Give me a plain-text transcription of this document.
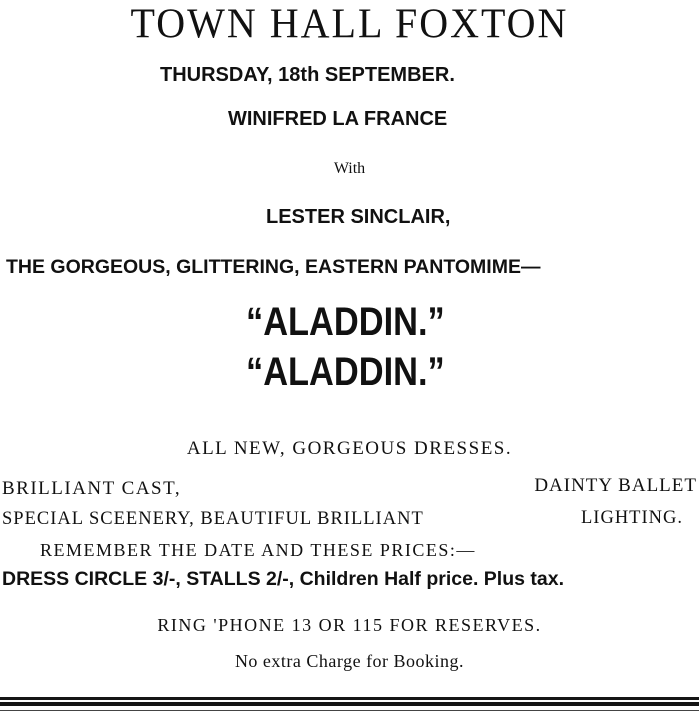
TOWN HALL FOXTON
THURSDAY, 18th SEPTEMBER.
WINIFRED LA FRANCE
With
LESTER SINCLAIR,
THE GORGEOUS, GLITTERING, EASTERN PANTOMIME—
“ALADDIN.”
“ALADDIN.”
ALL NEW, GORGEOUS DRESSES.
BRILLIANT CAST,	DAINTY BALLET
SPECIAL SCEENERY, BEAUTIFUL BRILLIANT	LIGHTING.
REMEMBER THE DATE AND THESE PRICES:—
DRESS CIRCLE 3/-, STALLS 2/-, Children Half price. Plus tax.
RING 'PHONE 13 OR 115 FOR RESERVES.
No extra Charge for Booking.
